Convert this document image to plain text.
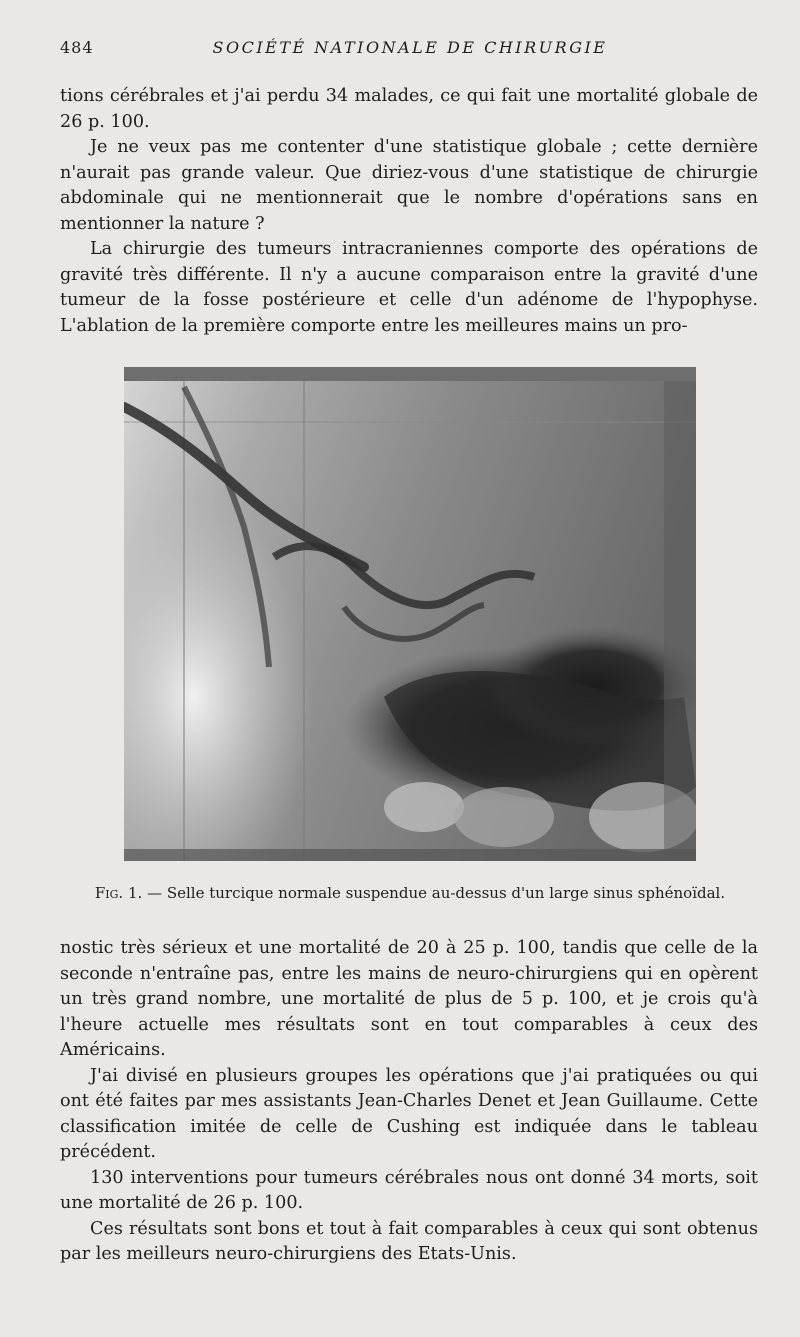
484	SOCIÉTÉ NATIONALE DE CHIRURGIE

tions cérébrales et j'ai perdu 34 malades, ce qui fait une mortalité globale de 26 p. 100.

Je ne veux pas me contenter d'une statistique globale ; cette dernière n'aurait pas grande valeur. Que diriez-vous d'une statistique de chirurgie abdominale qui ne mentionnerait que le nombre d'opérations sans en mentionner la nature ?

La chirurgie des tumeurs intracraniennes comporte des opérations de gravité très différente. Il n'y a aucune comparaison entre la gravité d'une tumeur de la fosse postérieure et celle d'un adénome de l'hypophyse. L'ablation de la première comporte entre les meilleures mains un pro-

Fig. 1. — Selle turcique normale suspendue au-dessus d'un large sinus sphénoïdal.

nostic très sérieux et une mortalité de 20 à 25 p. 100, tandis que celle de la seconde n'entraîne pas, entre les mains de neuro-chirurgiens qui en opèrent un très grand nombre, une mortalité de plus de 5 p. 100, et je crois qu'à l'heure actuelle mes résultats sont en tout comparables à ceux des Américains.

J'ai divisé en plusieurs groupes les opérations que j'ai pratiquées ou qui ont été faites par mes assistants Jean-Charles Denet et Jean Guillaume. Cette classification imitée de celle de Cushing est indiquée dans le tableau précédent.

130 interventions pour tumeurs cérébrales nous ont donné 34 morts, soit une mortalité de 26 p. 100.

Ces résultats sont bons et tout à fait comparables à ceux qui sont obtenus par les meilleurs neuro-chirurgiens des Etats-Unis.
